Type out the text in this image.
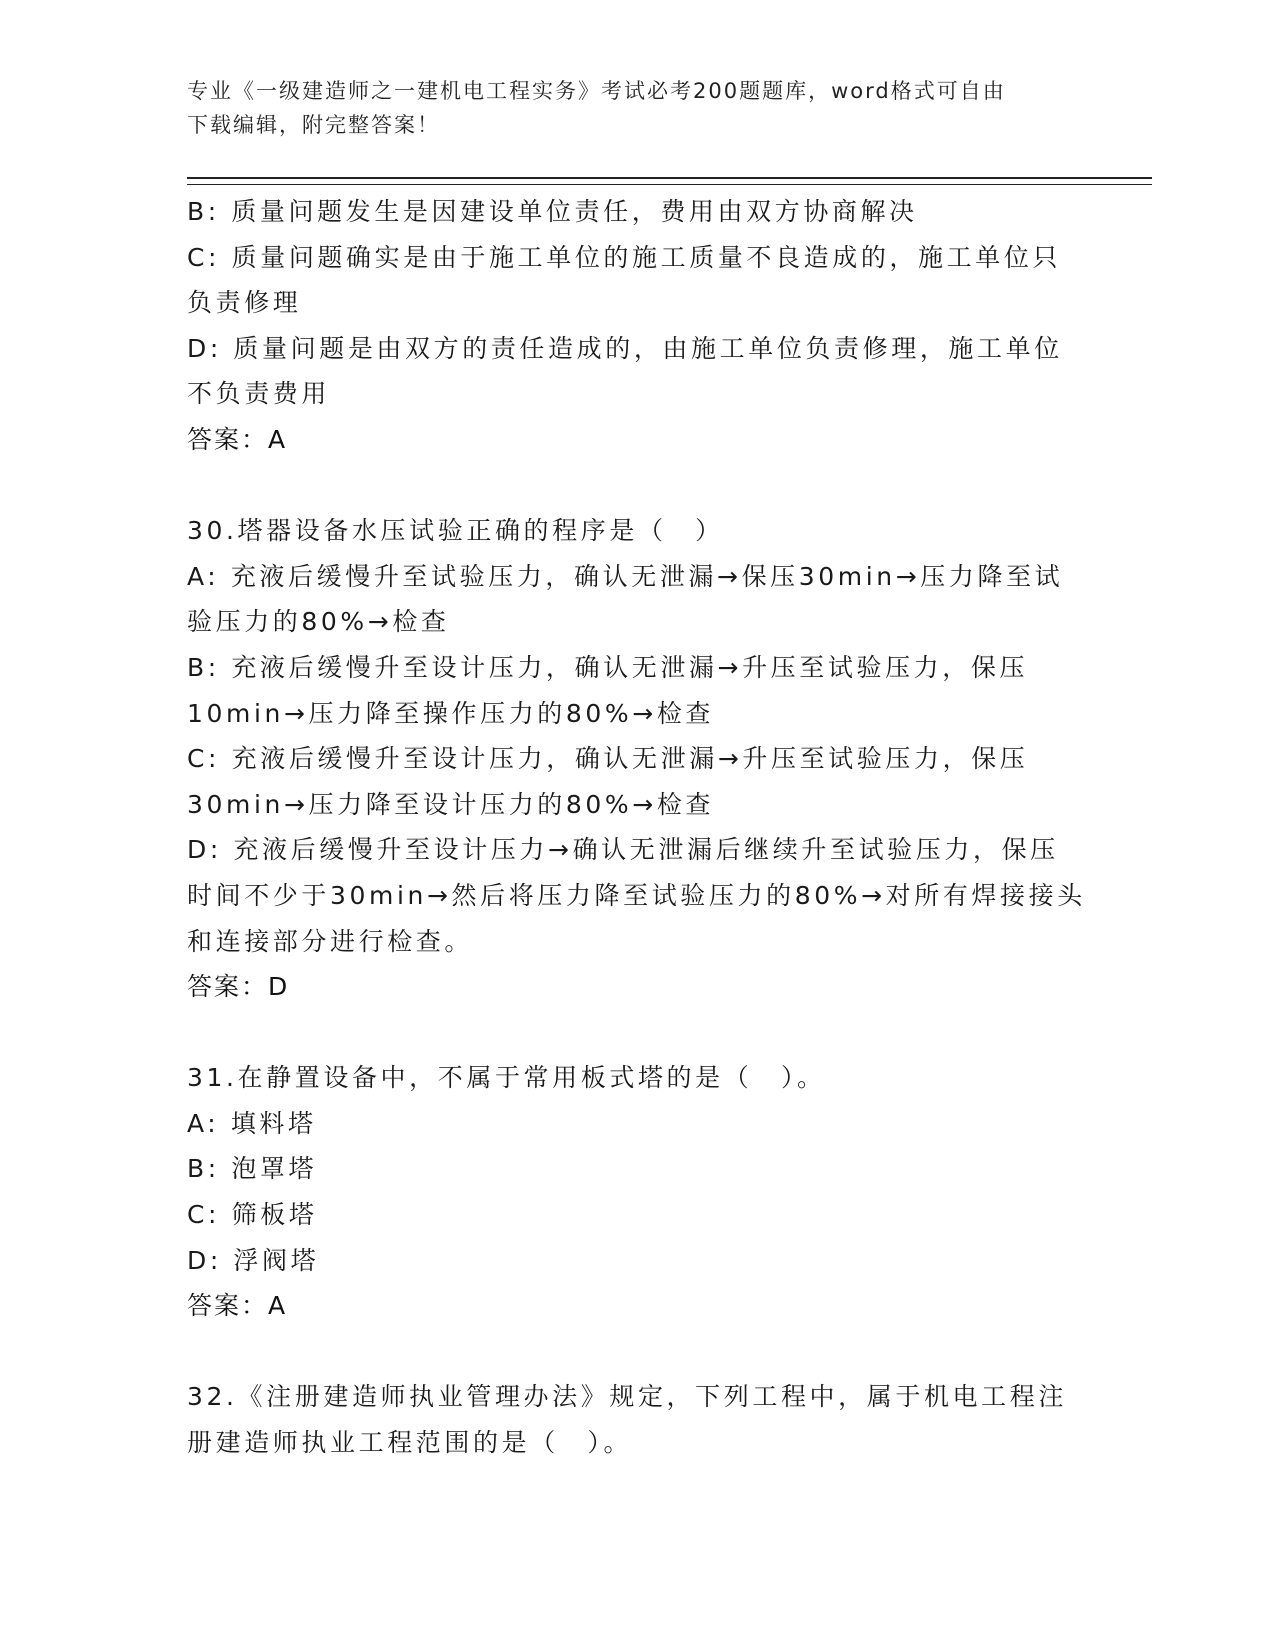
专业《一级建造师之一建机电工程实务》考试必考200题题库，word格式可自由
下载编辑，附完整答案！
B: 质量问题发生是因建设单位责任，费用由双方协商解决
C: 质量问题确实是由于施工单位的施工质量不良造成的，施工单位只
负责修理
D: 质量问题是由双方的责任造成的，由施工单位负责修理，施工单位
不负责费用
答案：A
30.塔器设备水压试验正确的程序是（　）
A: 充液后缓慢升至试验压力，确认无泄漏→保压30min→压力降至试
验压力的80%→检查
B: 充液后缓慢升至设计压力，确认无泄漏→升压至试验压力，保压
10min→压力降至操作压力的80%→检查
C: 充液后缓慢升至设计压力，确认无泄漏→升压至试验压力，保压
30min→压力降至设计压力的80%→检查
D: 充液后缓慢升至设计压力→确认无泄漏后继续升至试验压力，保压
时间不少于30min→然后将压力降至试验压力的80%→对所有焊接接头
和连接部分进行检查。
答案：D
31.在静置设备中，不属于常用板式塔的是（　）。
A: 填料塔
B: 泡罩塔
C: 筛板塔
D: 浮阀塔
答案：A
32.《注册建造师执业管理办法》规定，下列工程中，属于机电工程注
册建造师执业工程范围的是（　）。
